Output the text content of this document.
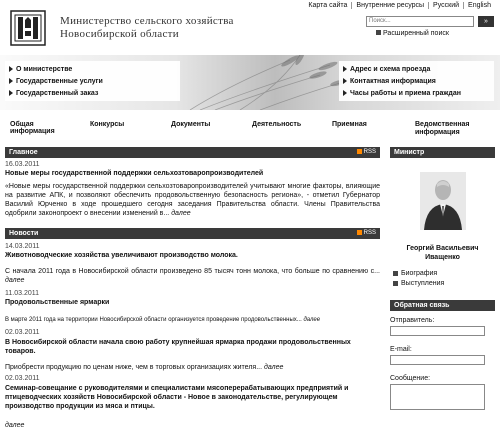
Министерство сельского хозяйства
Новосибирской области
Карта сайта	Внутренние ресурсы	Русский	English
Поиск...	»
Расширенный поиск
О министерстве
Государственные услуги
Государственный заказ
Адрес и схема проезда
Контактная информация
Часы работы и приема граждан
Общая информация
Конкурсы	Документы	Деятельность	Приемная	Ведомственная информация
Главное	RSS
16.03.2011
Новые меры государственной поддержки сельхозтоваропроизводителей
«Новые меры государственной поддержки сельхозтоваропроизводителей учитывают многие факторы, влияющие на развитие АПК, и позволяют обеспечить продовольственную безопасность региона», - отметил Губернатор Василий Юрченко в ходе прошедшего сегодня заседания Правительства области. Члены Правительства одобрили законопроект о внесении изменений в... далее
Новости	RSS
14.03.2011
Животноводческие хозяйства увеличивают производство молока.
С начала 2011 года в Новосибирской области произведено 85 тысяч тонн молока, что больше по сравнению с... далее
11.03.2011
Продовольственные ярмарки
В марте 2011 года на территории Новосибирской области организуется проведение продовольственных... далее
02.03.2011
В Новосибирской области начала свою работу крупнейшая ярмарка продажи продовольственных товаров.
Приобрести продукцию по ценам ниже, чем в торговых организациях жителя... далее
02.03.2011
Семинар-совещание с руководителями и специалистами мясоперерабатывающих предприятий и птицеводческих хозяйств Новосибирской области - Новое в законодательстве, регулирующем производство продукции из мяса и птицы.
далее
Министр
Георгий Васильевич
Иващенко
Биография
Выступления
Обратная связь
Отправитель:
E-mail:
Сообщение:
